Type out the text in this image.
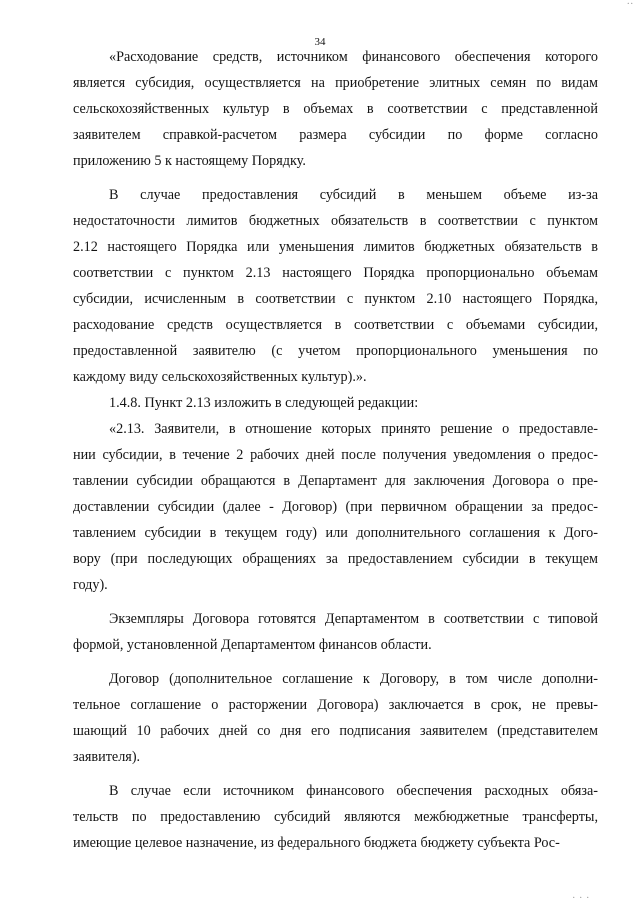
..
34
«Расходование средств, источником финансового обеспечения которого
является субсидия, осуществляется на приобретение элитных семян по видам
сельскохозяйственных культур в объемах в соответствии с представленной
заявителем справкой-расчетом размера субсидии по форме согласно
приложению 5 к настоящему Порядку.
В случае предоставления субсидий в меньшем объеме из-за
недостаточности лимитов бюджетных обязательств в соответствии с пунктом
2.12 настоящего Порядка или уменьшения лимитов бюджетных обязательств в
соответствии с пунктом 2.13 настоящего Порядка пропорционально объемам
субсидии, исчисленным в соответствии с пунктом 2.10 настоящего Порядка,
расходование средств осуществляется в соответствии с объемами субсидии,
предоставленной заявителю (с учетом пропорционального уменьшения по
каждому виду сельскохозяйственных культур).».
1.4.8. Пункт 2.13 изложить в следующей редакции:
«2.13. Заявители, в отношение которых принято решение о предоставле-
нии субсидии, в течение 2 рабочих дней после получения уведомления о предос-
тавлении субсидии обращаются в Департамент для заключения Договора о пре-
доставлении субсидии (далее - Договор) (при первичном обращении за предос-
тавлением субсидии в текущем году) или дополнительного соглашения к Дого-
вору (при последующих обращениях за предоставлением субсидии в текущем
году).
Экземпляры Договора готовятся Департаментом в соответствии с типовой
формой, установленной Департаментом финансов области.
Договор (дополнительное соглашение к Договору, в том числе дополни-
тельное соглашение о расторжении Договора) заключается в срок, не превы-
шающий 10 рабочих дней со дня его подписания заявителем (представителем
заявителя).
В случае если источником финансового обеспечения расходных обяза-
тельств по предоставлению субсидий являются межбюджетные трансферты,
имеющие целевое назначение, из федерального бюджета бюджету субъекта Рос-
. . .
